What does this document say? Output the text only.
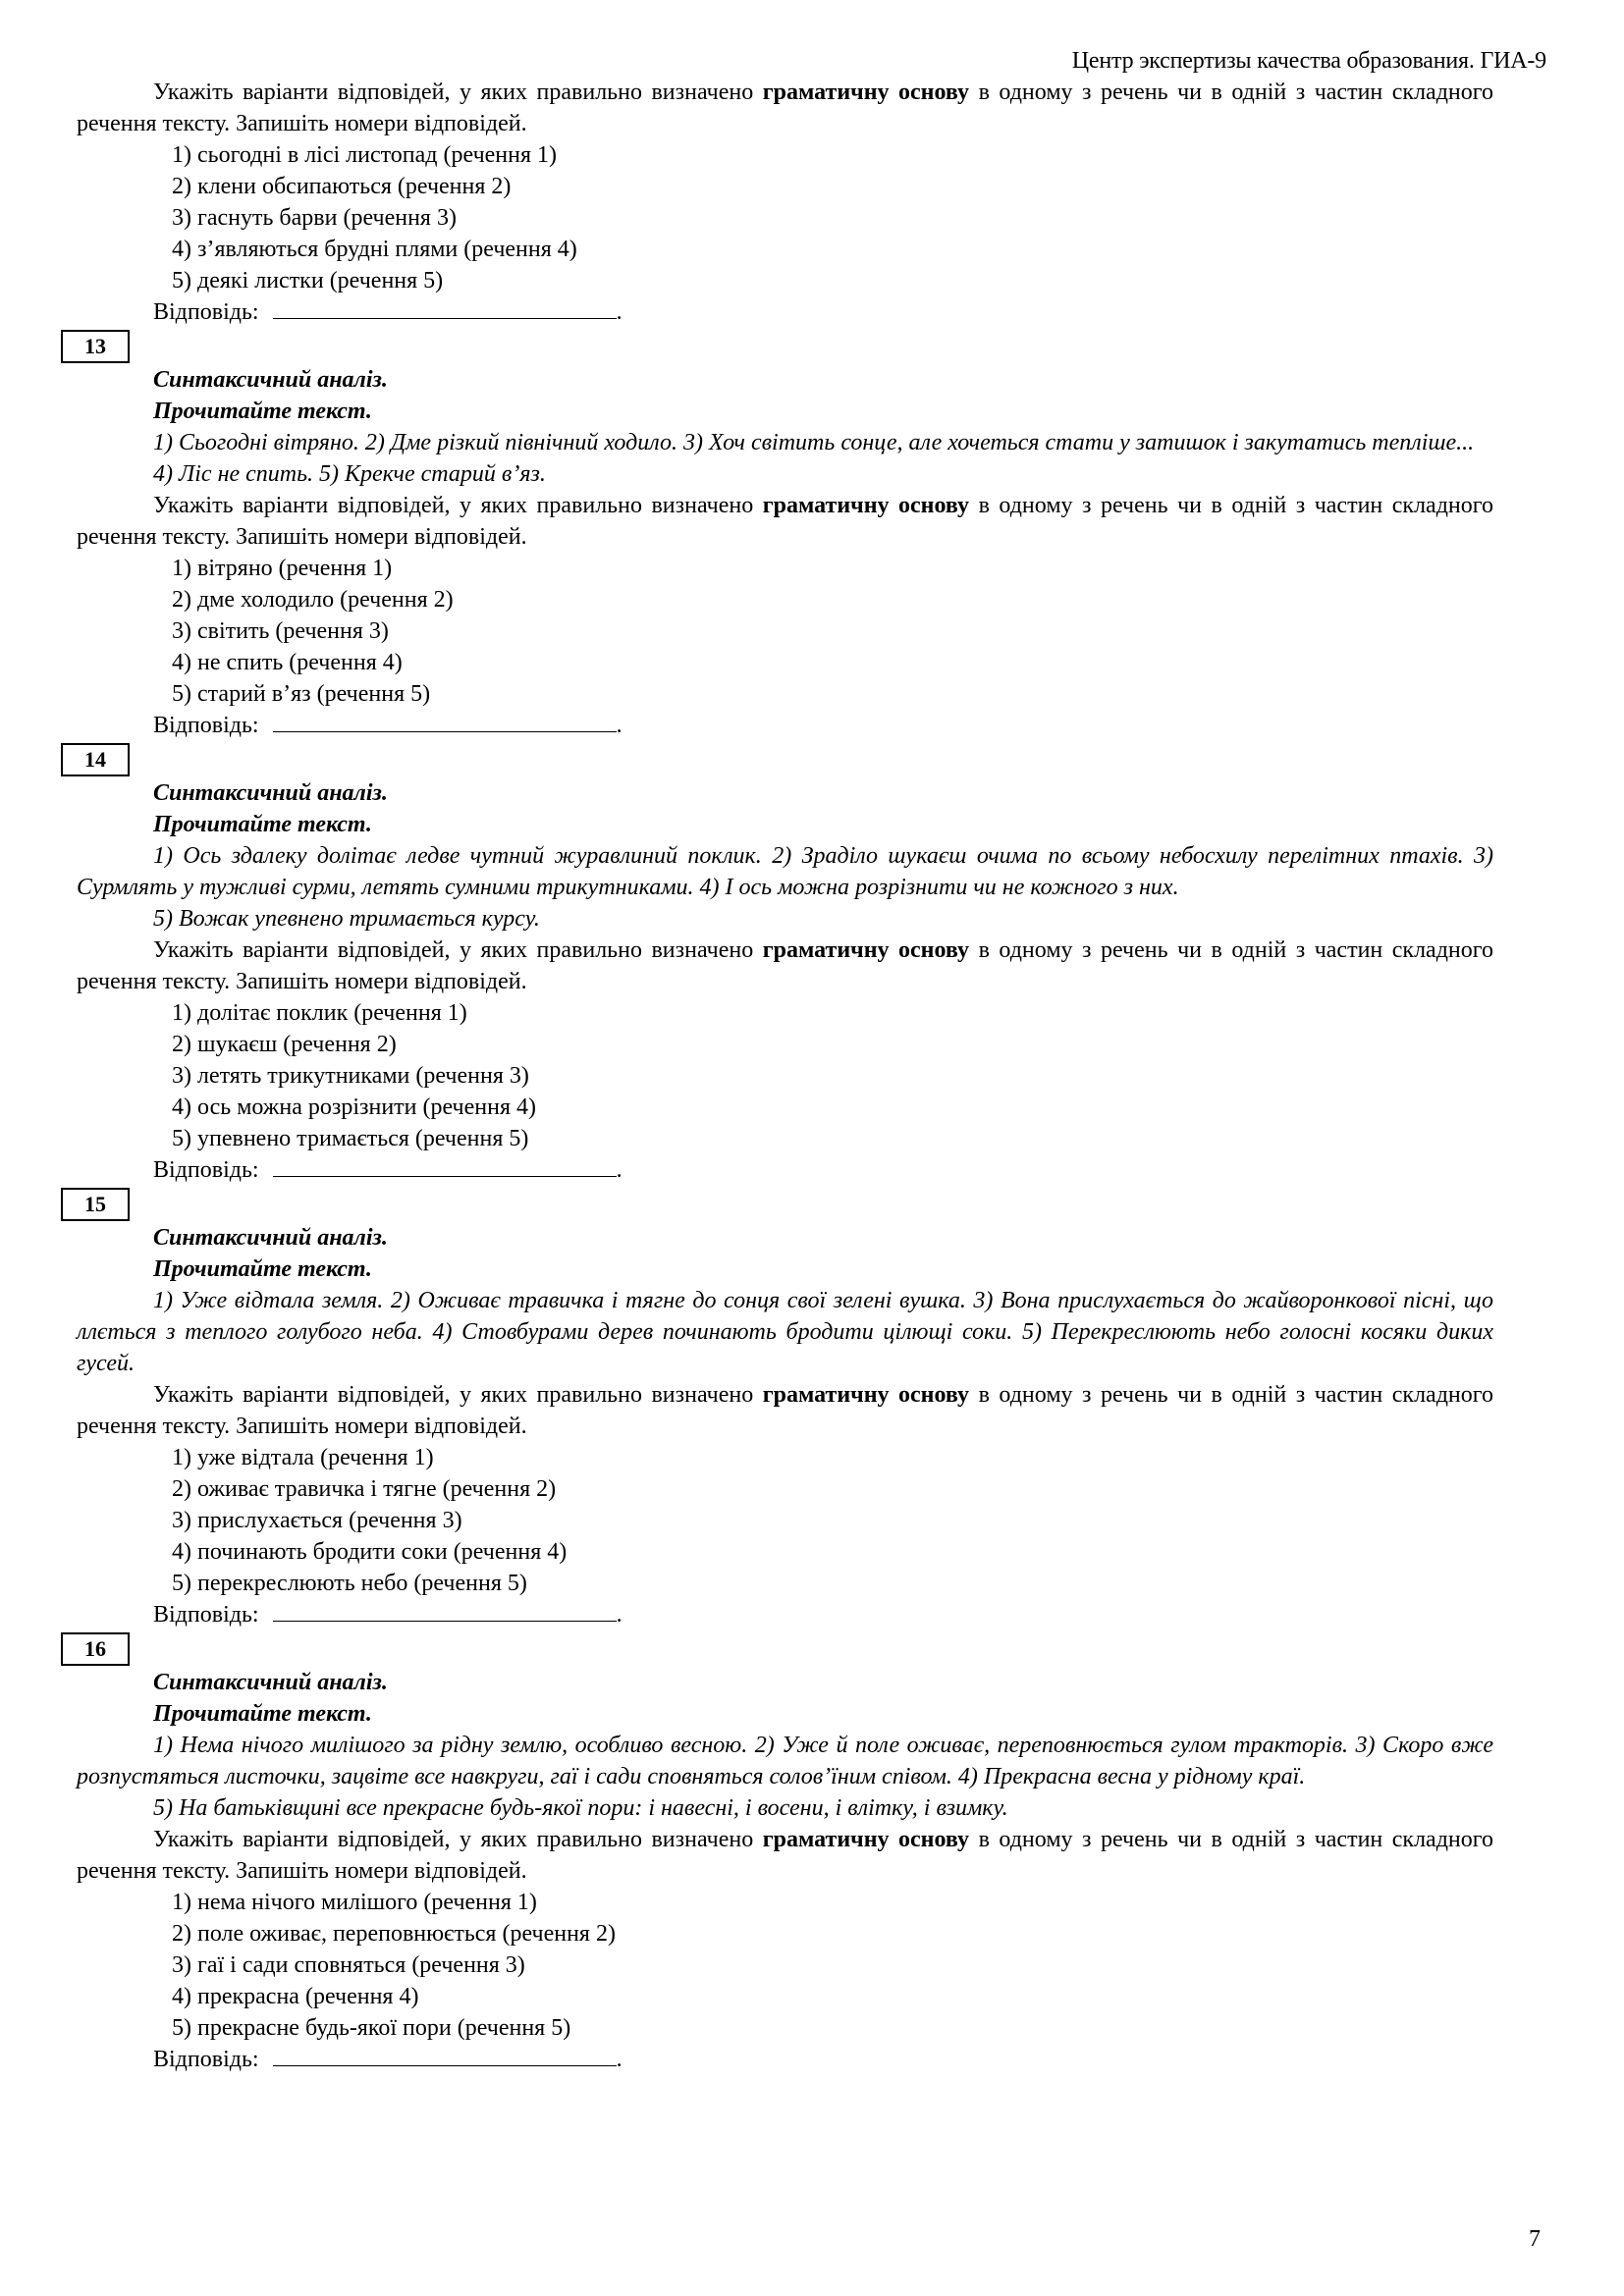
Центр экспертизы качества образования. ГИА-9
Укажіть варіанти відповідей, у яких правильно визначено граматичну основу в одному з речень чи в одній з частин складного речення тексту. Запишіть номери відповідей.
1) сьогодні в лісі листопад (речення 1)
2) клени обсипаються (речення 2)
3) гаснуть барви (речення 3)
4) з’являються брудні плями (речення 4)
5) деякі листки (речення 5)
Відповідь:	.
13
Синтаксичний аналіз.
Прочитайте текст.
1) Сьогодні вітряно. 2) Дме різкий північний ходило. 3) Хоч світить сонце, але хочеться стати у затишок і закутатись тепліше...
4) Ліс не спить. 5) Крекче старий в’яз.
Укажіть варіанти відповідей, у яких правильно визначено граматичну основу в одному з речень чи в одній з частин складного речення тексту. Запишіть номери відповідей.
1) вітряно (речення 1)
2) дме холодило (речення 2)
3) світить (речення 3)
4) не спить (речення 4)
5) старий в’яз (речення 5)
Відповідь:	.
14
Синтаксичний аналіз.
Прочитайте текст.
1) Ось здалеку долітає ледве чутний журавлиний поклик. 2) Зраділо шукаєш очима по всьому небосхилу перелітних птахів. 3) Сурмлять у тужливі сурми, летять сумними трикутниками. 4) І ось можна розрізнити чи не кожного з них.
5) Вожак упевнено тримається курсу.
Укажіть варіанти відповідей, у яких правильно визначено граматичну основу в одному з речень чи в одній з частин складного речення тексту. Запишіть номери відповідей.
1) долітає поклик (речення 1)
2) шукаєш (речення 2)
3) летять трикутниками (речення 3)
4) ось можна розрізнити (речення 4)
5) упевнено тримається (речення 5)
Відповідь:	.
15
Синтаксичний аналіз.
Прочитайте текст.
1) Уже відтала земля. 2) Оживає травичка і тягне до сонця свої зелені вушка. 3) Вона прислухається до жайворонкової пісні, що ллється з теплого голубого неба. 4) Стовбурами дерев починають бродити цілющі соки. 5) Перекреслюють небо голосні косяки диких гусей.
Укажіть варіанти відповідей, у яких правильно визначено граматичну основу в одному з речень чи в одній з частин складного речення тексту. Запишіть номери відповідей.
1) уже відтала (речення 1)
2) оживає травичка і тягне (речення 2)
3) прислухається (речення 3)
4) починають бродити соки (речення 4)
5) перекреслюють небо (речення 5)
Відповідь:	.
16
Синтаксичний аналіз.
Прочитайте текст.
1) Нема нічого милішого за рідну землю, особливо весною. 2) Уже й поле оживає, переповнюється гулом тракторів. 3) Скоро вже розпустяться листочки, зацвіте все навкруги, гаї і сади сповняться солов’їним співом. 4) Прекрасна весна у рідному краї.
5) На батьківщині все прекрасне будь-якої пори: і навесні, і восени, і влітку, і взимку.
Укажіть варіанти відповідей, у яких правильно визначено граматичну основу в одному з речень чи в одній з частин складного речення тексту. Запишіть номери відповідей.
1) нема нічого милішого (речення 1)
2) поле оживає, переповнюється (речення 2)
3) гаї і сади сповняться (речення 3)
4) прекрасна (речення 4)
5) прекрасне будь-якої пори (речення 5)
Відповідь:	.
7
